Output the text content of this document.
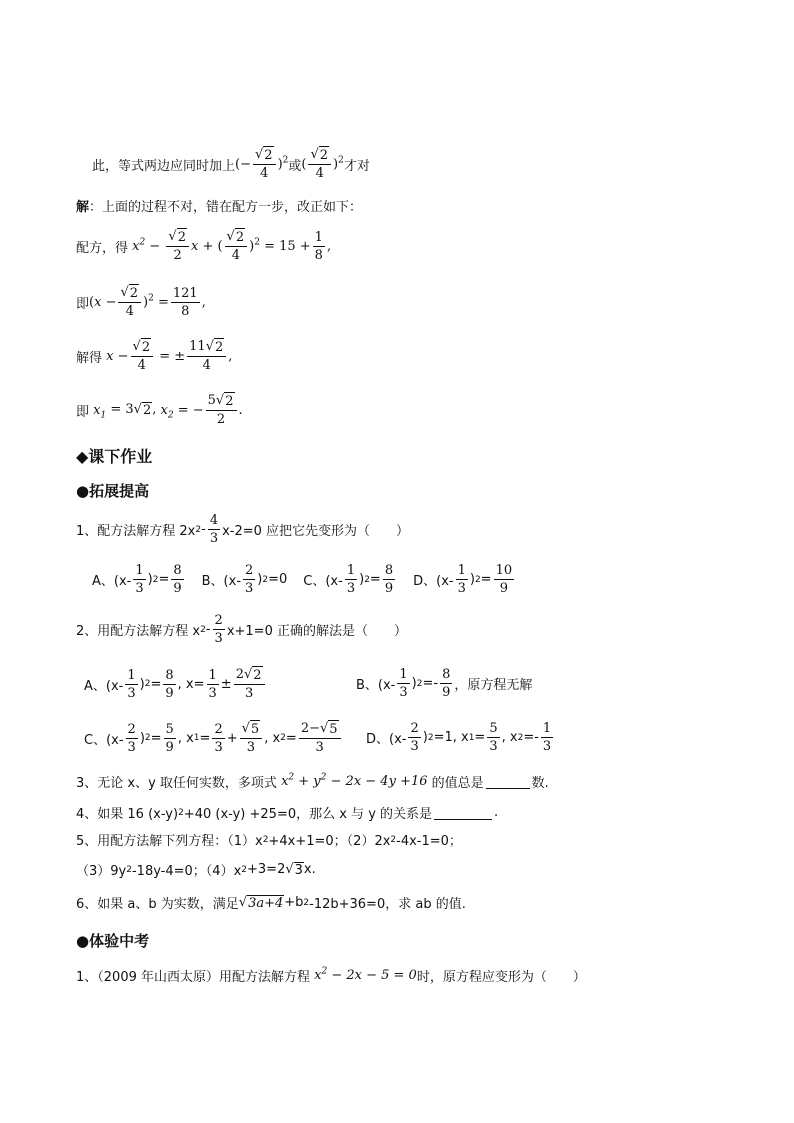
此，等式两边应同时加上 (− $\frac{√ 2}{4} )^2$ 或 ( $\frac{√ 2}{4} )^2$ 才对
解 ：上面的过程不对，错在配方一步，改正如下：
配方，得 $x^2 - \frac{√ 2}{2}$ x + ( $\frac{√ 2}{4} )^2 = 15 + \frac{1}{8}$ ,
即 ( $x - \frac{√ 2}{4} )^2 = \frac{121}{8}$ ,
解得 $x - \frac{√ 2}{4}$ = ± $\frac{11 √ 2}{4}$ ,
即 $x_1 = 3$ √ 2 , $x_2$ = − $\frac{5 √ 2}{2}$ .
◆课下作业
●拓展提高
1、配方法解方程 2x $2 - \frac{4}{3} x-2=0$ 应把它先变形为（　　）
A、($x- \frac{1}{3}$ ) $2 = \frac{8}{9}$ B、($x- \frac{2}{3}$ ) 2 =0 C、($x- \frac{1}{3}$ ) $2 = \frac{8}{9}$ D、($x- \frac{1}{3}$ ) $2 = \frac{10}{9}$
2、用配方法解方程 x $2 - \frac{2}{3} x+1=0$ 正确的解法是（　　）
A、($x- \frac{1}{3}$ ) $2 = \frac{8}{9}$ , $x= \frac{1}{3} \pm \frac{2 √ 2}{3}$	B、($x- \frac{1}{3}$ ) $2 =- \frac{8}{9}$ ，原方程无解
C、($x- \frac{2}{3}$ ) $2 = \frac{5}{9}$ , x $1 = \frac{2}{3} + \frac{√ 5}{3}$ , x $2 = \frac{2- √ 5}{3}$ D、($x- \frac{2}{3}$ ) 2 =1, x $1 = \frac{5}{3}$ , x $2 =- \frac{1}{3}$
3、无论 x、y 取任何实数，多项式 $x^2 + y^2 - 2x - 4y +16$ 的值总是	数.
4、如果 16 (x-y) 2 +40 (x-y) +25=0，那么 x 与 y 的关系是	.
5、用配方法解下列方程：（1）x 2 +4x+1=0；（2）2x 2 -4x-1=0；
（3）9y 2 -18y-4=0；（4）x 2 +3=2 √ 3 x.
6、如果 a、b 为实数，满足 √ 3a+4 +b 2 -12b+36=0，求 ab 的值.
●体验中考
1、（2009 年山西太原）用配方法解方程 $x^2 - 2x - 5 = 0$ 时，原方程应变形为（　　）
